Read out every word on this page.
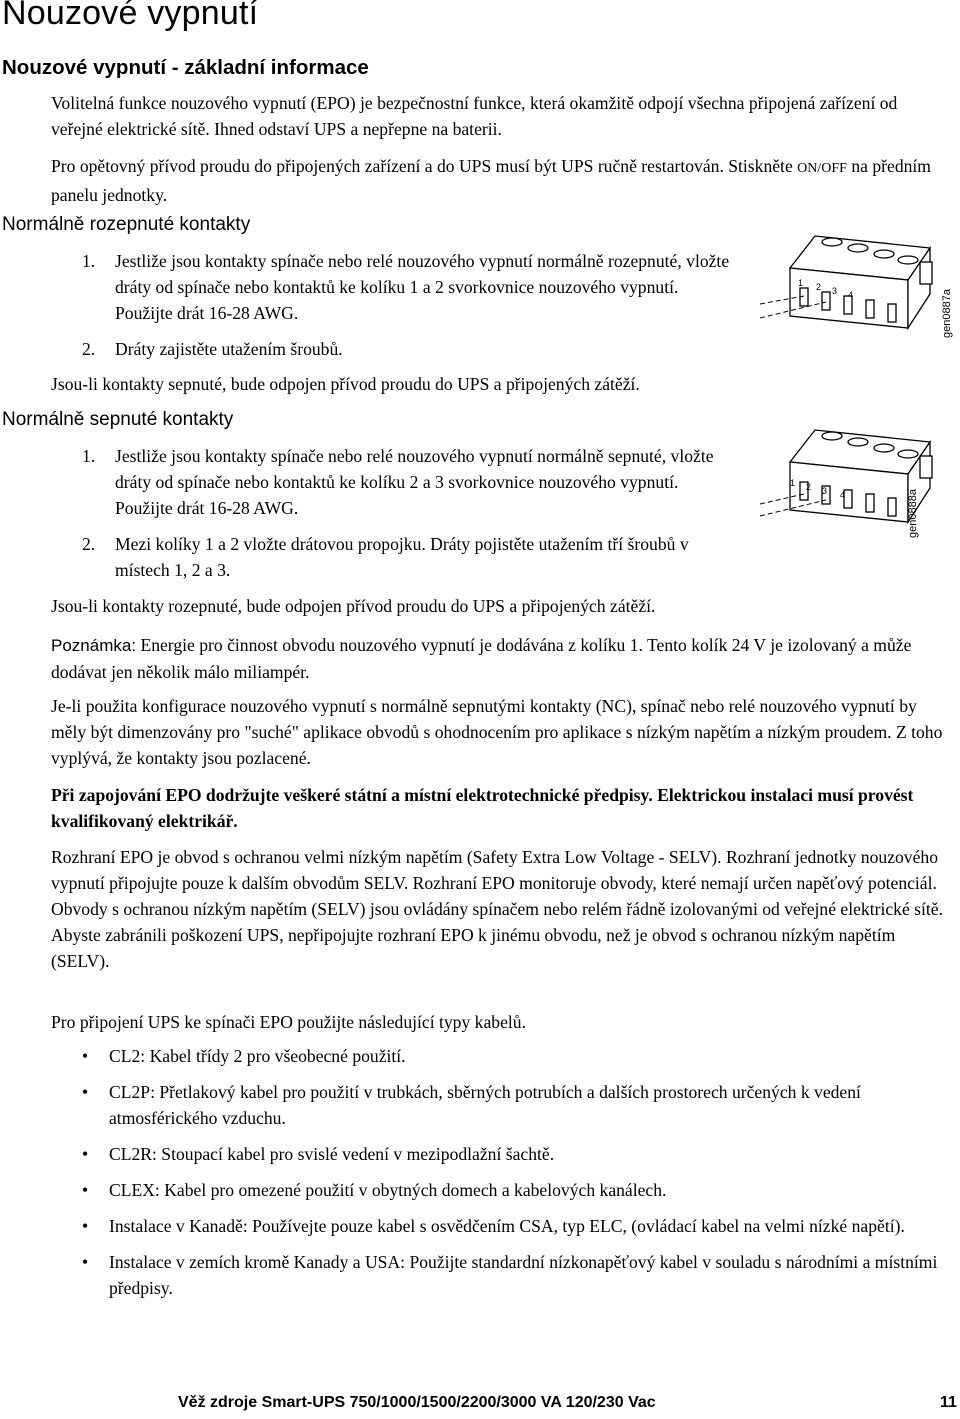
Nouzové vypnutí
Nouzové vypnutí - základní informace

Volitelná funkce nouzového vypnutí (EPO) je bezpečnostní funkce, která okamžitě odpojí všechna připojená zařízení od veřejné elektrické sítě. Ihned odstaví UPS a nepřepne na baterii.

Pro opětovný přívod proudu do připojených zařízení a do UPS musí být UPS ručně restartován. Stiskněte ON/OFF na předním panelu jednotky.

Normálně rozepnuté kontakty
1.	Jestliže jsou kontakty spínače nebo relé nouzového vypnutí normálně rozepnuté, vložte dráty od spínače nebo kontaktů ke kolíku 1 a 2 svorkovnice nouzového vypnutí. Použijte drát 16-28 AWG.
2.	Dráty zajistěte utažením šroubů.

Jsou-li kontakty sepnuté, bude odpojen přívod proudu do UPS a připojených zátěží.

1 2 3 4	gen0887a
Normálně sepnuté kontakty
1.	Jestliže jsou kontakty spínače nebo relé nouzového vypnutí normálně sepnuté, vložte dráty od spínače nebo kontaktů ke kolíku 2 a 3 svorkovnice nouzového vypnutí. Použijte drát 16-28 AWG.
2.	Mezi kolíky 1 a 2 vložte drátovou propojku. Dráty pojistěte utažením tří šroubů v místech 1, 2 a 3.

Jsou-li kontakty rozepnuté, bude odpojen přívod proudu do UPS a připojených zátěží.

1 2 3 4	gen0888a

Poznámka: Energie pro činnost obvodu nouzového vypnutí je dodávána z kolíku 1. Tento kolík 24 V je izolovaný a může dodávat jen několik málo miliampér.

Je-li použita konfigurace nouzového vypnutí s normálně sepnutými kontakty (NC), spínač nebo relé nouzového vypnutí by měly být dimenzovány pro "suché" aplikace obvodů s ohodnocením pro aplikace s nízkým napětím a nízkým proudem. Z toho vyplývá, že kontakty jsou pozlacené.

Při zapojování EPO dodržujte veškeré státní a místní elektrotechnické předpisy. Elektrickou instalaci musí provést kvalifikovaný elektrikář.

Rozhraní EPO je obvod s ochranou velmi nízkým napětím (Safety Extra Low Voltage - SELV). Rozhraní jednotky nouzového vypnutí připojujte pouze k dalším obvodům SELV. Rozhraní EPO monitoruje obvody, které nemají určen napěťový potenciál. Obvody s ochranou nízkým napětím (SELV) jsou ovládány spínačem nebo relém řádně izolovanými od veřejné elektrické sítě. Abyste zabránili poškození UPS, nepřipojujte rozhraní EPO k jinému obvodu, než je obvod s ochranou nízkým napětím (SELV).

Pro připojení UPS ke spínači EPO použijte následující typy kabelů.

•	CL2: Kabel třídy 2 pro všeobecné použití.
•	CL2P: Přetlakový kabel pro použití v trubkách, sběrných potrubích a dalších prostorech určených k vedení atmosférického vzduchu.
•	CL2R: Stoupací kabel pro svislé vedení v mezipodlažní šachtě.
•	CLEX: Kabel pro omezené použití v obytných domech a kabelových kanálech.
•	Instalace v Kanadě: Používejte pouze kabel s osvědčením CSA, typ ELC, (ovládací kabel na velmi nízké napětí).
•	Instalace v zemích kromě Kanady a USA: Použijte standardní nízkonapěťový kabel v souladu s národními a místními předpisy.
Věž zdroje Smart-UPS 750/1000/1500/2200/3000 VA 120/230 Vac	11
